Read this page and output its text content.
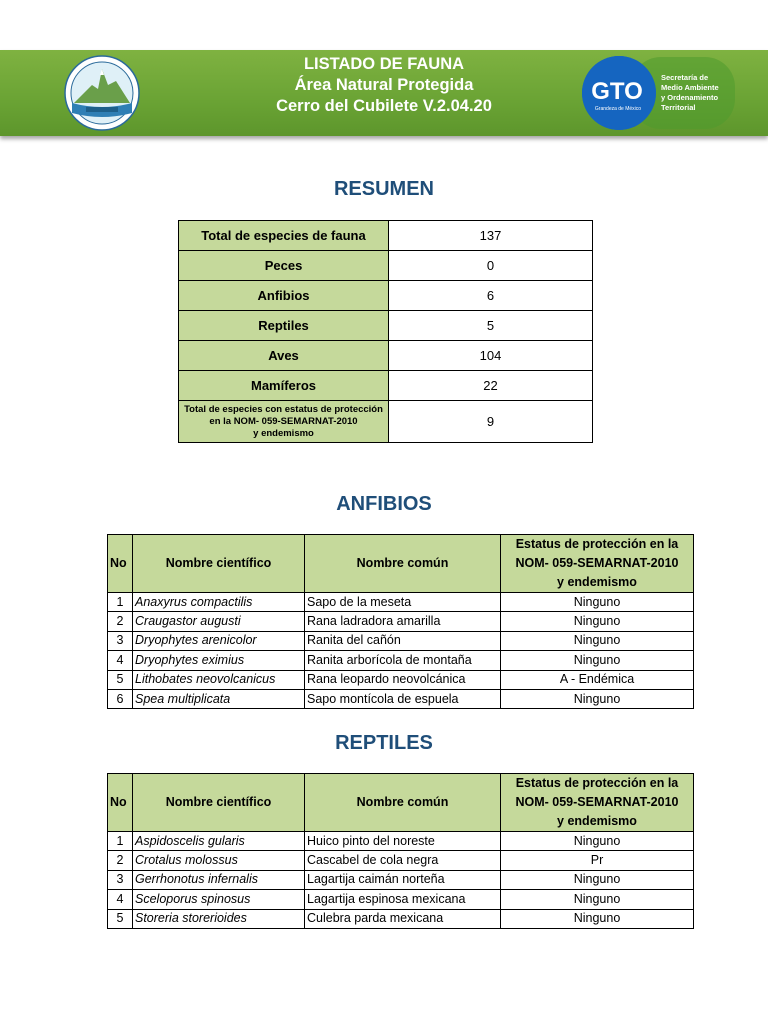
LISTADO DE FAUNA
Área Natural Protegida
Cerro del Cubilete V.2.04.20
GTO
Grandeza de México
Secretaría de
Medio Ambiente
y Ordenamiento
Territorial
RESUMEN
Total de especies de fauna	137
Peces	0
Anfibios	6
Reptiles	5
Aves	104
Mamíferos	22

Total de especies con estatus de protección
en la NOM- 059-SEMARNAT-2010
y endemismo	9
ANFIBIOS
No	Nombre científico	Nombre común	Estatus de protección en la
NOM- 059-SEMARNAT-2010
y endemismo

1	Anaxyrus compactilis	Sapo de la meseta	Ninguno
2	Craugastor augusti	Rana ladradora amarilla	Ninguno
3	Dryophytes arenicolor	Ranita del cañón	Ninguno
4	Dryophytes eximius	Ranita arborícola de montaña	Ninguno
5	Lithobates neovolcanicus	Rana leopardo neovolcánica	A - Endémica
6	Spea multiplicata	Sapo montícola de espuela	Ninguno
REPTILES
No	Nombre científico	Nombre común	Estatus de protección en la
NOM- 059-SEMARNAT-2010
y endemismo

1	Aspidoscelis gularis	Huico pinto del noreste	Ninguno
2	Crotalus molossus	Cascabel de cola negra	Pr
3	Gerrhonotus infernalis	Lagartija caimán norteña	Ninguno
4	Sceloporus spinosus	Lagartija espinosa mexicana	Ninguno
5	Storeria storerioides	Culebra parda mexicana	Ninguno
